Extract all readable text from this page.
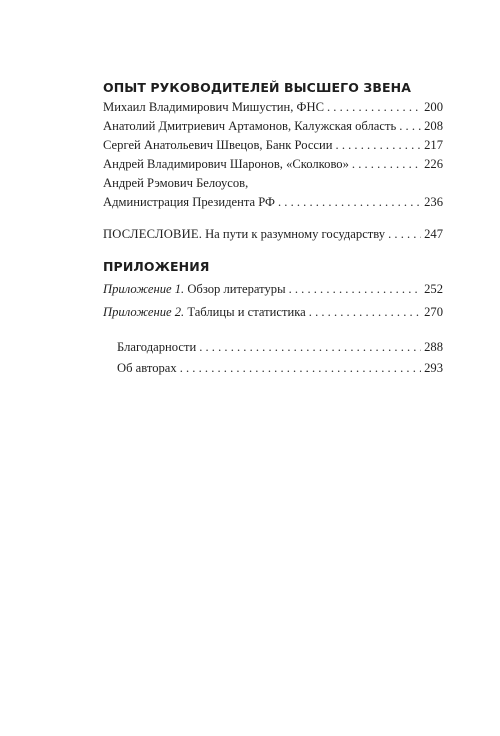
ОПЫТ РУКОВОДИТЕЛЕЙ ВЫСШЕГО ЗВЕНА
Михаил Владимирович Мишустин, ФНС . . .	200
Анатолий Дмитриевич Артамонов, Калужская область . . . 208
Сергей Анатольевич Швецов, Банк России . . .	217
Андрей Владимирович Шаронов, «Сколково» . . .	226
Андрей Рэмович Белоусов,
Администрация Президента РФ . . .	236
ПОСЛЕСЛОВИЕ. На пути к разумному государству . . .	247
ПРИЛОЖЕНИЯ
Приложение 1. Обзор литературы . . .	252
Приложение 2. Таблицы и статистика . . .	270
Благодарности . . .	288
Об авторах . . .	293
